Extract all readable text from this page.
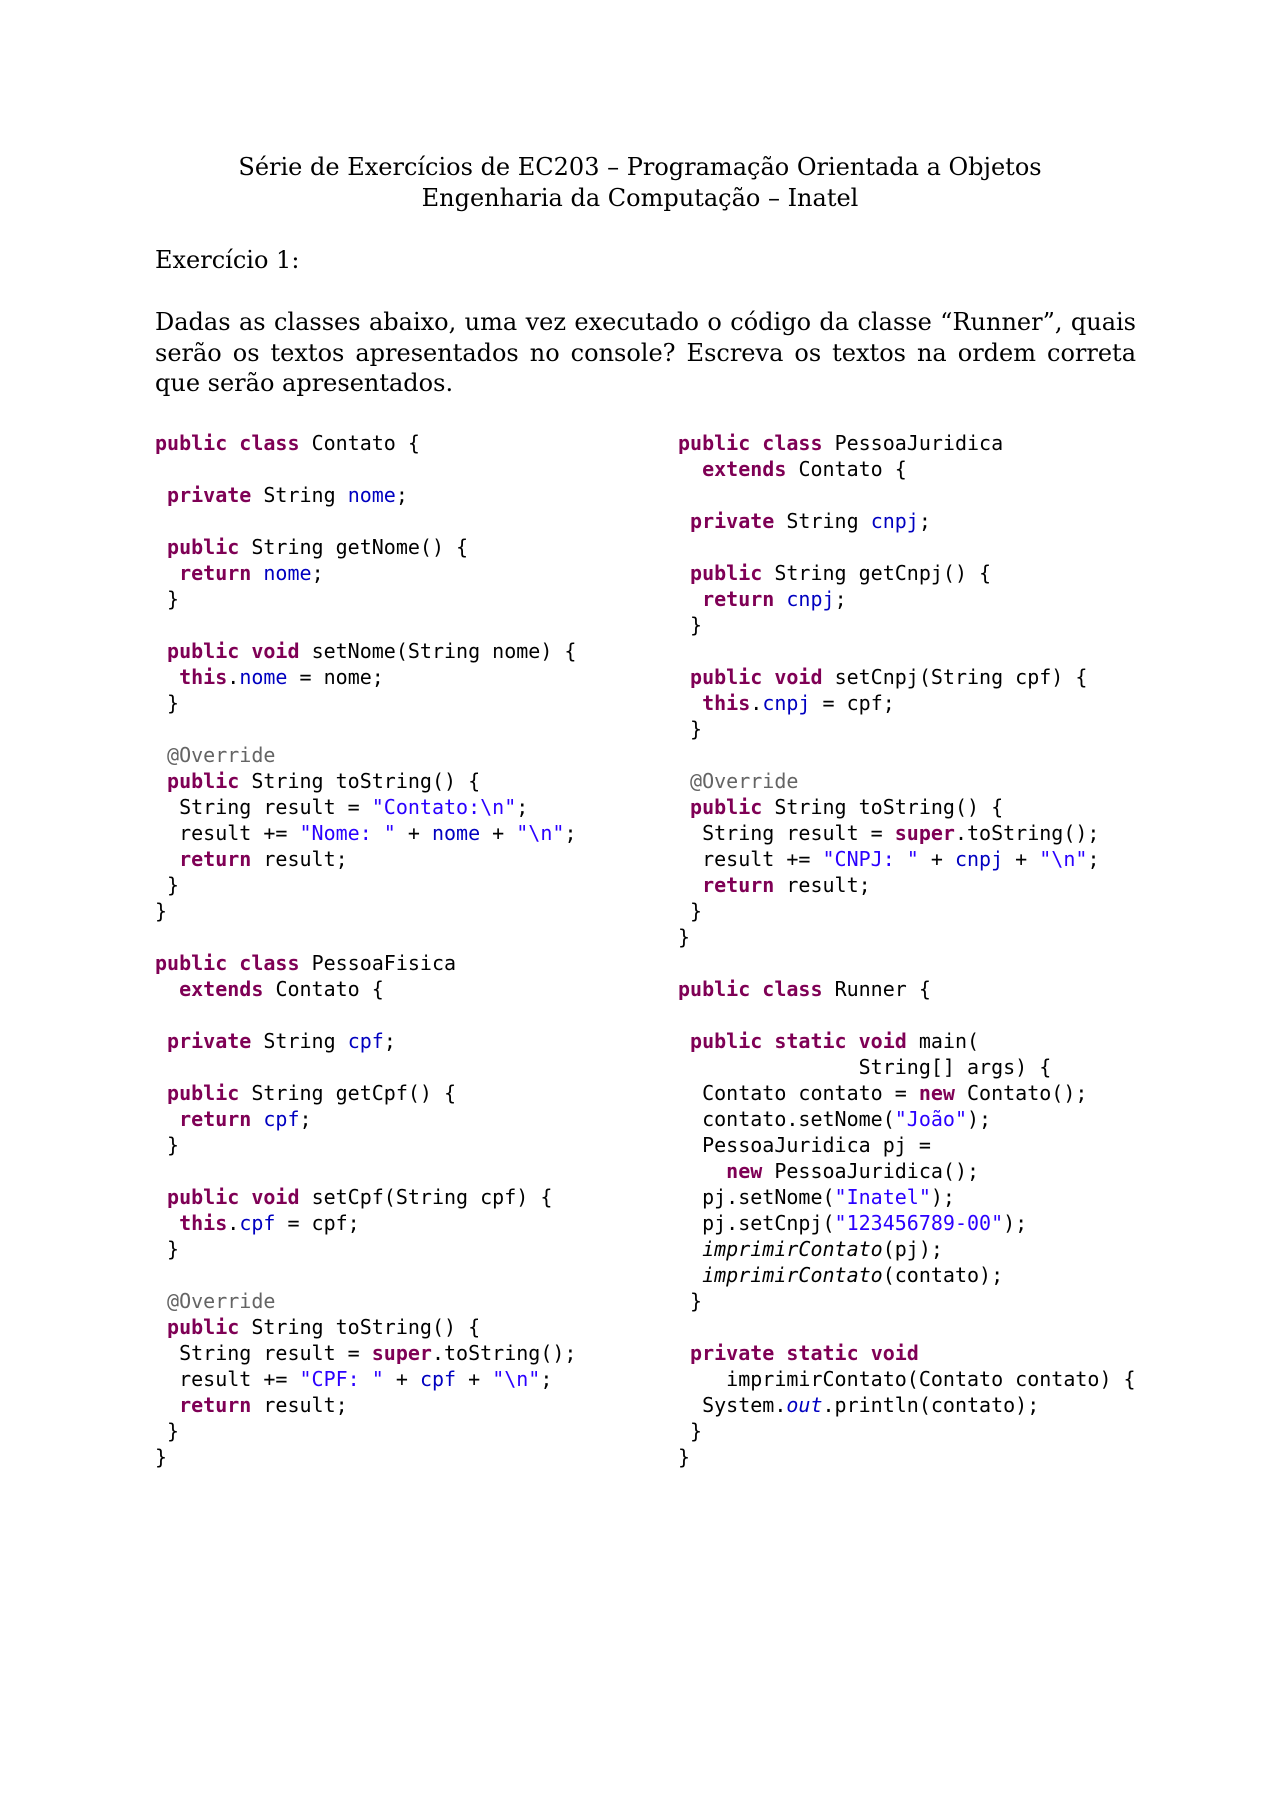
Série de Exercícios de EC203 – Programação Orientada a Objetos
Engenharia da Computação – Inatel
Exercício 1:
Dadas as classes abaixo, uma vez executado o código da classe “Runner”, quais serão os textos apresentados no console? Escreva os textos na ordem correta que serão apresentados.
public class Contato {
private String nome;
public String getNome() {
return nome;
}
public void setNome(String nome) {
this.nome = nome;
}
@Override
public String toString() {
String result = "Contato:\n";
result += "Nome: " + nome + "\n";
return result;
}
}
public class PessoaFisica
extends Contato {
private String cpf;
public String getCpf() {
return cpf;
}
public void setCpf(String cpf) {
this.cpf = cpf;
}
@Override
public String toString() {
String result = super.toString();
result += "CPF: " + cpf + "\n";
return result;
}
}
public class PessoaJuridica
extends Contato {
private String cnpj;
public String getCnpj() {
return cnpj;
}
public void setCnpj(String cpf) {
this.cnpj = cpf;
}
@Override
public String toString() {
String result = super.toString();
result += "CNPJ: " + cnpj + "\n";
return result;
}
}
public class Runner {
public static void main(
String[] args) {
Contato contato = new Contato();
contato.setNome("João");
PessoaJuridica pj =
new PessoaJuridica();
pj.setNome("Inatel");
pj.setCnpj("123456789-00");
imprimirContato(pj);
imprimirContato(contato);
}
private static void
imprimirContato(Contato contato) {
System.out.println(contato);
}
}
